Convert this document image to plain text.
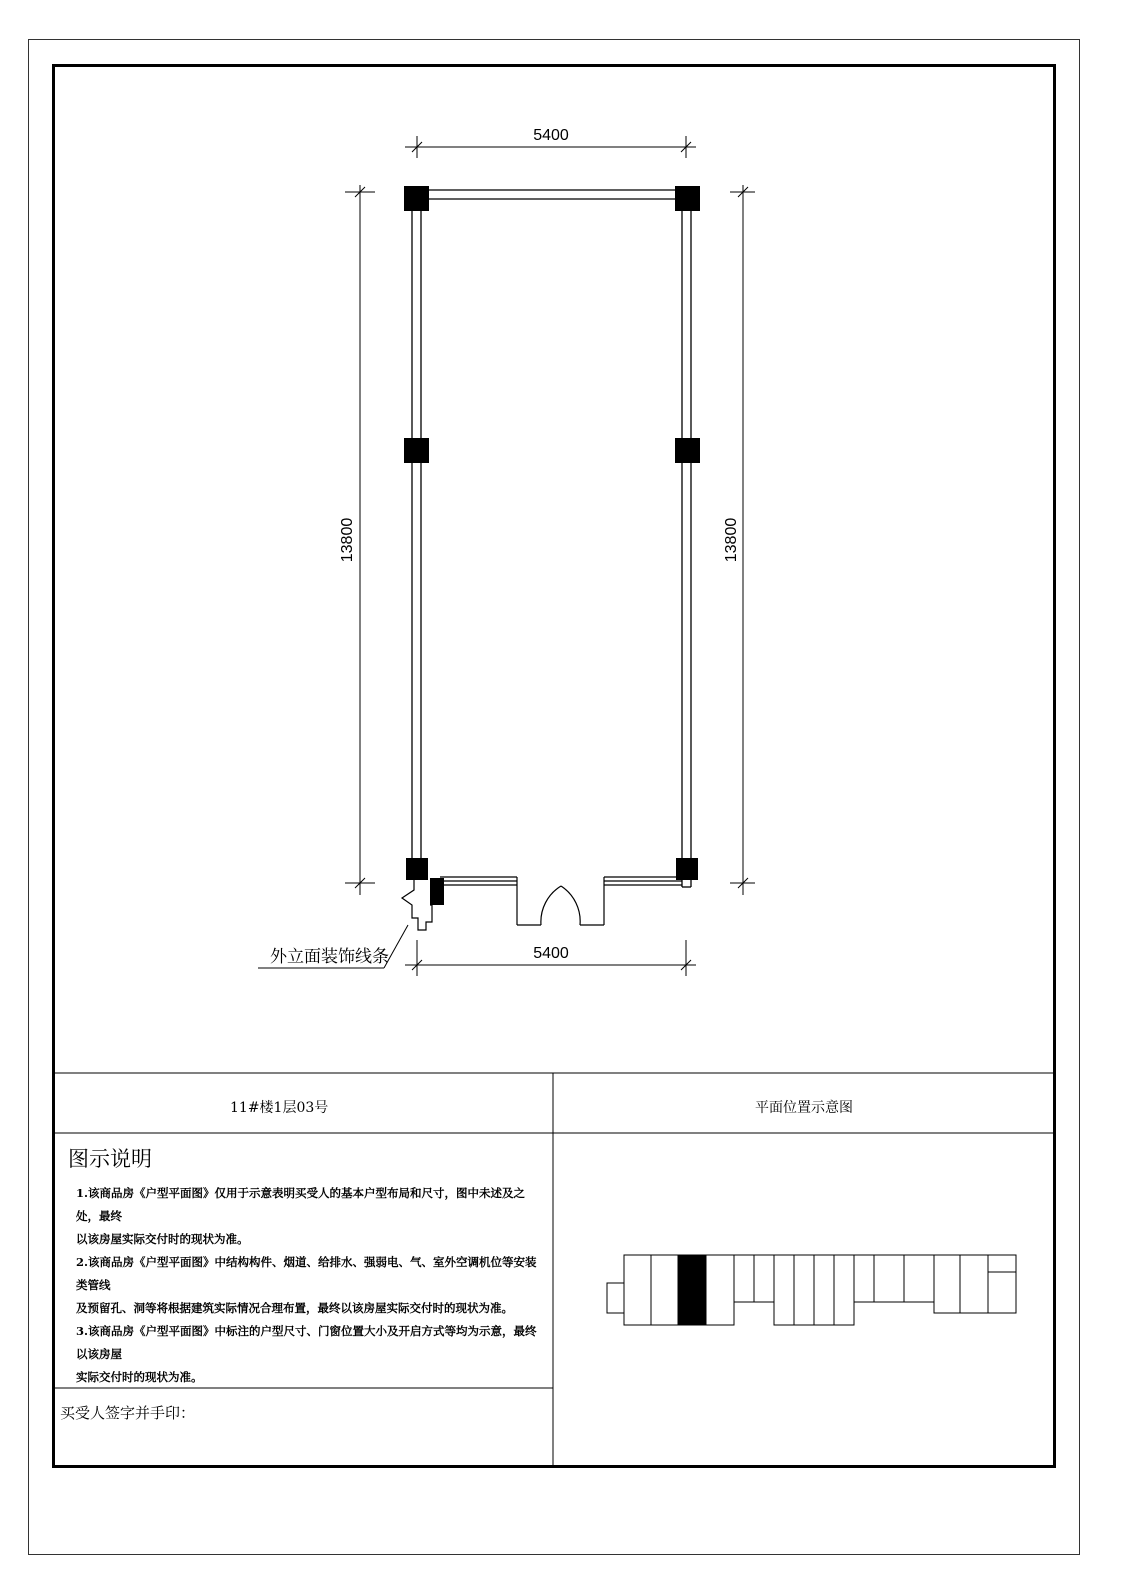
5400
5400
13800	13800
外立面装饰线条
11#楼1层03号	平面位置示意图
图示说明
1.该商品房《户型平面图》仅用于示意表明买受人的基本户型布局和尺寸，图中未述及之处，最终
以该房屋实际交付时的现状为准。
2.该商品房《户型平面图》中结构构件、烟道、给排水、强弱电、气、室外空调机位等安装类管线
及预留孔、洞等将根据建筑实际情况合理布置，最终以该房屋实际交付时的现状为准。
3.该商品房《户型平面图》中标注的户型尺寸、门窗位置大小及开启方式等均为示意，最终以该房屋
实际交付时的现状为准。
买受人签字并手印：
